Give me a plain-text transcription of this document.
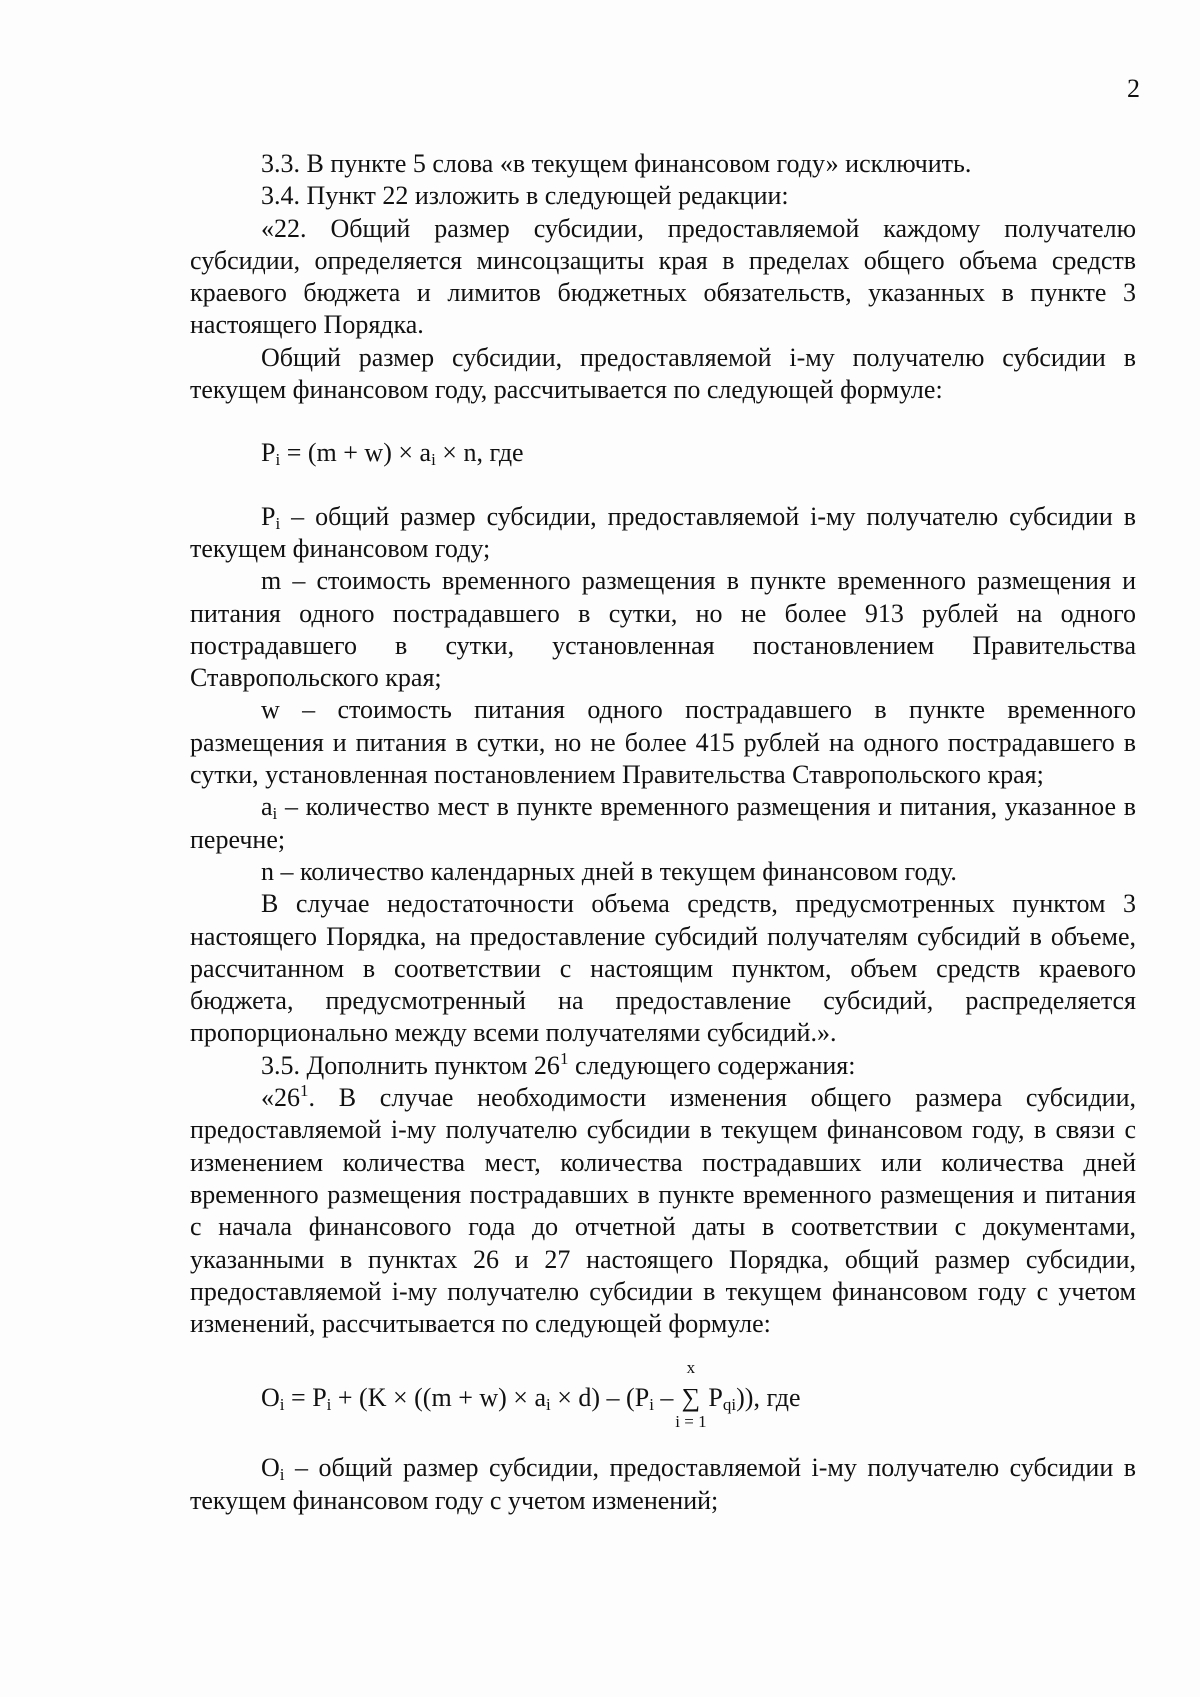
2

3.3. В пункте 5 слова «в текущем финансовом году» исключить.

3.4. Пункт 22 изложить в следующей редакции:

«22. Общий размер субсидии, предоставляемой каждому получателю субсидии, определяется минсоцзащиты края в пределах общего объема средств краевого бюджета и лимитов бюджетных обязательств, указанных в пункте 3 настоящего Порядка.

Общий размер субсидии, предоставляемой i-му получателю субсидии в текущем финансовом году, рассчитывается по следующей формуле:

$P_i = (m + w) \times a_i \times n$, где

$P_i$ – общий размер субсидии, предоставляемой i-му получателю субсидии в текущем финансовом году;

m – стоимость временного размещения в пункте временного размещения и питания одного пострадавшего в сутки, но не более 913 рублей на одного пострадавшего в сутки, установленная постановлением Правительства Ставропольского края;

w – стоимость питания одного пострадавшего в пункте временного размещения и питания в сутки, но не более 415 рублей на одного пострадавшего в сутки, установленная постановлением Правительства Ставропольского края;

$a_i$ – количество мест в пункте временного размещения и питания, указанное в перечне;

n – количество календарных дней в текущем финансовом году.

В случае недостаточности объема средств, предусмотренных пунктом 3 настоящего Порядка, на предоставление субсидий получателям субсидий в объеме, рассчитанном в соответствии с настоящим пунктом, объем средств краевого бюджета, предусмотренный на предоставление субсидий, распределяется пропорционально между всеми получателями субсидий.».

3.5. Дополнить пунктом $26^1$ следующего содержания:

«$26^1$. В случае необходимости изменения общего размера субсидии, предоставляемой i-му получателю субсидии в текущем финансовом году, в связи с изменением количества мест, количества пострадавших или количества дней временного размещения пострадавших в пункте временного размещения и питания с начала финансового года до отчетной даты в соответствии с документами, указанными в пунктах 26 и 27 настоящего Порядка, общий размер субсидии, предоставляемой i-му получателю субсидии в текущем финансовом году с учетом изменений, рассчитывается по следующей формуле:

$O_i = P_i + (K \times ((m + w) \times a_i \times d) - (P_i$ –
x
∑
i = 1
$P_{qi}$)), где

$O_i$ – общий размер субсидии, предоставляемой i-му получателю субсидии в текущем финансовом году с учетом изменений;
